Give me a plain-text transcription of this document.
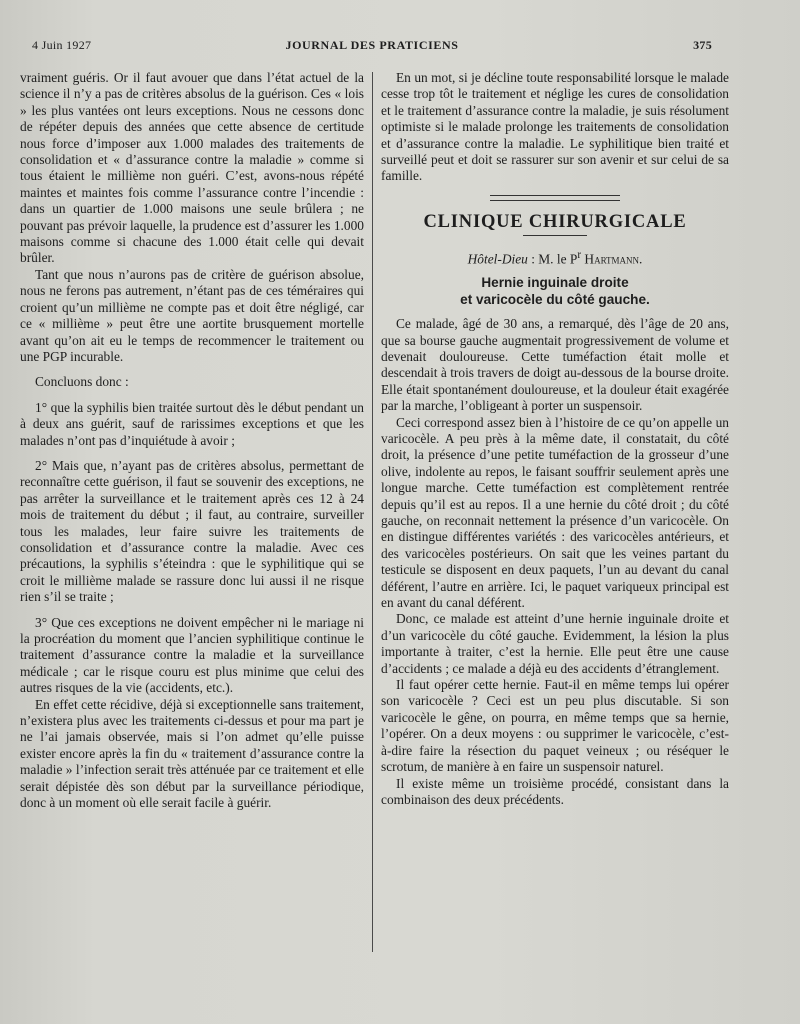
4 Juin 1927	JOURNAL DES PRATICIENS	375

vraiment guéris. Or il faut avouer que dans l’état actuel de la science il n’y a pas de critères absolus de la guérison. Ces « lois » les plus vantées ont leurs exceptions. Nous ne cessons donc de répéter depuis des années que cette absence de certitude nous force d’imposer aux 1.000 malades des traitements de consolidation et « d’assurance contre la maladie » comme si tous étaient le millième non guéri. C’est, avons-nous répété maintes et maintes fois comme l’assurance contre l’incendie : dans un quartier de 1.000 maisons une seule brûlera ; ne pouvant pas prévoir laquelle, la prudence est d’assurer les 1.000 maisons comme si chacune des 1.000 était celle qui devait brûler.

Tant que nous n’aurons pas de critère de guérison absolue, nous ne ferons pas autrement, n’étant pas de ces téméraires qui croient qu’un millième ne compte pas et doit être négligé, car ce « millième » peut être une aortite brusquement mortelle avant qu’on ait eu le temps de recommencer le traitement ou une PGP incurable.

Concluons donc :

1° que la syphilis bien traitée surtout dès le début pendant un à deux ans guérit, sauf de rarissimes exceptions et que les malades n’ont pas d’inquiétude à avoir ;

2° Mais que, n’ayant pas de critères absolus, permettant de reconnaître cette guérison, il faut se souvenir des exceptions, ne pas arrêter la surveillance et le traitement après ces 12 à 24 mois de traitement du début ; il faut, au contraire, surveiller tous les malades, leur faire suivre les traitements de consolidation et d’assurance contre la maladie. Avec ces précautions, la syphilis s’éteindra : que le syphilitique qui se croit le millième malade se rassure donc lui aussi il ne risque rien s’il se traite ;

3° Que ces exceptions ne doivent empêcher ni le mariage ni la procréation du moment que l’ancien syphilitique continue le traitement d’assurance contre la maladie et la surveillance médicale ; car le risque couru est plus minime que celui des autres risques de la vie (accidents, etc.).

En effet cette récidive, déjà si exceptionnelle sans traitement, n’existera plus avec les traitements ci-dessus et pour ma part je ne l’ai jamais observée, mais si l’on admet qu’elle puisse exister encore après la fin du « traitement d’assurance contre la maladie » l’infection serait très atténuée par ce traitement et elle serait dépistée dès son début par la surveillance périodique, donc à un moment où elle serait facile à guérir.

En un mot, si je décline toute responsabilité lorsque le malade cesse trop tôt le traitement et néglige les cures de consolidation et le traitement d’assurance contre la maladie, je suis résolument optimiste si le malade prolonge les traitements de consolidation et d’assurance contre la maladie. Le syphilitique bien traité et surveillé peut et doit se rassurer sur son avenir et sur celui de sa famille.

CLINIQUE CHIRURGICALE
Hôtel-Dieu : M. le $P^r$ Hartmann.
Hernie inguinale droite
et varicocèle du côté gauche.

Ce malade, âgé de 30 ans, a remarqué, dès l’âge de 20 ans, que sa bourse gauche augmentait progressivement de volume et devenait douloureuse. Cette tuméfaction était molle et descendait à trois travers de doigt au-dessous de la bourse droite. Elle était spontanément douloureuse, et la douleur était exagérée par la marche, l’obligeant à porter un suspensoir.

Ceci correspond assez bien à l’histoire de ce qu’on appelle un varicocèle. A peu près à la même date, il constatait, du côté droit, la présence d’une petite tuméfaction de la grosseur d’une olive, indolente au repos, le faisant souffrir seulement après une longue marche. Cette tuméfaction est complètement rentrée depuis qu’il est au repos. Il a une hernie du côté droit ; du côté gauche, on reconnait nettement la présence d’un varicocèle. On en distingue différentes variétés : des varicocèles antérieurs, et des varicocèles postérieurs. On sait que les veines partant du testicule se disposent en deux paquets, l’un au devant du canal déférent, l’autre en arrière. Ici, le paquet variqueux principal est en avant du canal déférent.

Donc, ce malade est atteint d’une hernie inguinale droite et d’un varicocèle du côté gauche. Evidemment, la lésion la plus importante à traiter, c’est la hernie. Elle peut être une cause d’accidents ; ce malade a déjà eu des accidents d’étranglement.

Il faut opérer cette hernie. Faut-il en même temps lui opérer son varicocèle ? Ceci est un peu plus discutable. Si son varicocèle le gêne, on pourra, en même temps que sa hernie, l’opérer. On a deux moyens : ou supprimer le varicocèle, c’est-à-dire faire la résection du paquet veineux ; ou réséquer le scrotum, de manière à en faire un suspensoir naturel.

Il existe même un troisième procédé, consistant dans la combinaison des deux précédents.
